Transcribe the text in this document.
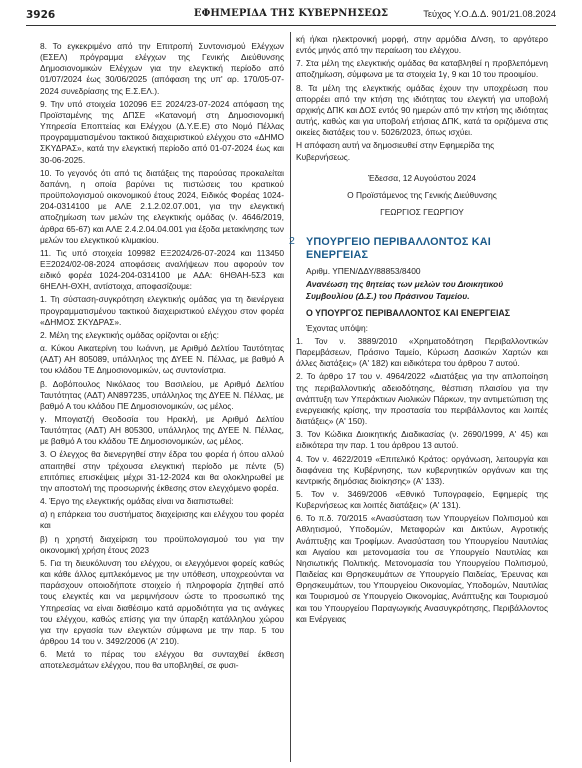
3926	ΕΦΗΜΕΡΙΔΑ ΤΗΣ ΚΥΒΕΡΝΗΣΕΩΣ	Τεύχος Υ.Ο.Δ.Δ. 901/21.08.2024

8. Το εγκεκριμένο από την Επιτροπή Συντονισμού Ελέγχων (ΕΣΕΛ) πρόγραμμα ελέγχων της Γενικής Διεύθυνσης Δημοσιονομικών Ελέγχων για την ελεγκτική περίοδο από 01/07/2024 έως 30/06/2025 (απόφαση της υπ' αρ. 170/05-07-2024 συνεδρίασης της Ε.Σ.ΕΛ.).

9. Την υπό στοιχεία 102096 ΕΞ 2024/23-07-2024 απόφαση της Προϊσταμένης της ΔΠΣΕ «Κατανομή στη Δημοσιονομική Υπηρεσία Εποπτείας και Ελέγχου (Δ.Υ.Ε.Ε) στο Νομό Πέλλας προγραμματισμένου τακτικού διαχειριστικού ελέγχου στο «ΔΗΜΟ ΣΚΥΔΡΑΣ», κατά την ελεγκτική περίοδο από 01-07-2024 έως και 30-06-2025.

10. Το γεγονός ότι από τις διατάξεις της παρούσας προκαλείται δαπάνη, η οποία βαρύνει τις πιστώσεις του κρατικού προϋπολογισμού οικονομικού έτους 2024, Ειδικός Φορέας 1024-204-0314100 με ΑΛΕ 2.1.2.02.07.001, για την ελεγκτική αποζημίωση των μελών της ελεγκτικής ομάδας (ν. 4646/2019, άρθρα 65-67) και ΑΛΕ 2.4.2.04.04.001 για έξοδα μετακίνησης των μελών του ελεγκτικού κλιμακίου.

11. Τις υπό στοιχεία 109982 ΕΞ2024/26-07-2024 και 113450 ΕΞ2024/02-08-2024 αποφάσεις αναλήψεων που αφορούν τον ειδικό φορέα 1024-204-0314100 με ΑΔΑ: 6ΗΘΑΗ-5Σ3 και 6ΗΕΛΗ-ΘΧΗ, αντίστοιχα, αποφασίζουμε:

1. Τη σύσταση-συγκρότηση ελεγκτικής ομάδας για τη διενέργεια προγραμματισμένου τακτικού διαχειριστικού ελέγχου στον φορέα «ΔΗΜΟΣ ΣΚΥΔΡΑΣ».

2. Μέλη της ελεγκτικής ομάδας ορίζονται οι εξής:

α. Κύκου Αικατερίνη του Ιωάννη, με Αριθμό Δελτίου Ταυτότητας (ΑΔΤ) ΑΗ 805089, υπάλληλος της ΔΥΕΕ Ν. Πέλλας, με βαθμό Α του κλάδου ΤΕ Δημοσιονομικών, ως συντονίστρια.

β. Δοβόπουλος Νικόλαος του Βασιλείου, με Αριθμό Δελτίου Ταυτότητας (ΑΔΤ) ΑΝ897235, υπάλληλος της ΔΥΕΕ Ν. Πέλλας, με βαθμό Α του κλάδου ΠΕ Δημοσιονομικών, ως μέλος.

γ. Μπογιατζή Θεοδοσία του Ηρακλή, με Αριθμό Δελτίου Ταυτότητας (ΑΔΤ) ΑΗ 805300, υπάλληλος της ΔΥΕΕ Ν. Πέλλας, με βαθμό Α του κλάδου ΤΕ Δημοσιονομικών, ως μέλος.

3. Ο έλεγχος θα διενεργηθεί στην έδρα του φορέα ή όπου αλλού απαιτηθεί στην τρέχουσα ελεγκτική περίοδο με πέντε (5) επιτόπιες επισκέψεις μέχρι 31-12-2024 και θα ολοκληρωθεί με την αποστολή της προσωρινής έκθεσης στον ελεγχόμενο φορέα.

4. Έργο της ελεγκτικής ομάδας είναι να διαπιστωθεί:

α) η επάρκεια του συστήματος διαχείρισης και ελέγχου του φορέα και

β) η χρηστή διαχείριση του προϋπολογισμού του για την οικονομική χρήση έτους 2023

5. Για τη διευκόλυνση του ελέγχου, οι ελεγχόμενοι φορείς καθώς και κάθε άλλος εμπλεκόμενος με την υπόθεση, υποχρεούνται να παράσχουν οποιοδήποτε στοιχείο ή πληροφορία ζητηθεί από τους ελεγκτές και να μεριμνήσουν ώστε το προσωπικό της Υπηρεσίας να είναι διαθέσιμο κατά αρμοδιότητα για τις ανάγκες του ελέγχου, καθώς επίσης για την ύπαρξη κατάλληλου χώρου για την εργασία των ελεγκτών σύμφωνα με την παρ. 5 του άρθρου 14 του ν. 3492/2006 (Α' 210).

6. Μετά το πέρας του ελέγχου θα συνταχθεί έκθεση αποτελεσμάτων ελέγχου, που θα υποβληθεί, σε φυσι-

κή ή/και ηλεκτρονική μορφή, στην αρμόδια Δ/νση, το αργότερο εντός μηνός από την περαίωση του ελέγχου.

7. Στα μέλη της ελεγκτικής ομάδας θα καταβληθεί η προβλεπόμενη αποζημίωση, σύμφωνα με τα στοιχεία 1γ, 9 και 10 του προοιμίου.

8. Τα μέλη της ελεγκτικής ομάδας έχουν την υποχρέωση που απορρέει από την κτήση της ιδιότητας του ελεγκτή για υποβολή αρχικής ΔΠΚ και ΔΟΣ εντός 90 ημερών από την κτήση της ιδιότητας αυτής, καθώς και για υποβολή ετήσιας ΔΠΚ, κατά τα οριζόμενα στις οικείες διατάξεις του ν. 5026/2023, όπως ισχύει.

Η απόφαση αυτή να δημοσιευθεί στην Εφημερίδα της Κυβερνήσεως.

Έδεσσα, 12 Αυγούστου 2024

Ο Προϊστάμενος της Γενικής Διεύθυνσης

ΓΕΩΡΓΙΟΣ ΓΕΩΡΓΙΟΥ

2 ΥΠΟΥΡΓΕΙΟ ΠΕΡΙΒΑΛΛΟΝΤΟΣ ΚΑΙ ΕΝΕΡΓΕΙΑΣ

Αριθμ. ΥΠΕΝ/ΔΔΥ/88853/8400

Ανανέωση της θητείας των μελών του Διοικητικού Συμβουλίου (Δ.Σ.) του Πράσινου Ταμείου.

Ο ΥΠΟΥΡΓΟΣ ΠΕΡΙΒΑΛΛΟΝΤΟΣ ΚΑΙ ΕΝΕΡΓΕΙΑΣ

Έχοντας υπόψη:

1. Τον ν. 3889/2010 «Χρηματοδότηση Περιβαλλοντικών Παρεμβάσεων, Πράσινο Ταμείο, Κύρωση Δασικών Χαρτών και άλλες διατάξεις» (Α' 182) και ειδικότερα του άρθρου 7 αυτού.

2. Το άρθρο 17 του ν. 4964/2022 «Διατάξεις για την απλοποίηση της περιβαλλοντικής αδειοδότησης, θέσπιση πλαισίου για την ανάπτυξη των Υπεράκτιων Αιολικών Πάρκων, την αντιμετώπιση της ενεργειακής κρίσης, την προστασία του περιβάλλοντος και λοιπές διατάξεις» (Α' 150).

3. Τον Κώδικα Διοικητικής Διαδικασίας (ν. 2690/1999, Α' 45) και ειδικότερα την παρ. 1 του άρθρου 13 αυτού.

4. Τον ν. 4622/2019 «Επιτελικό Κράτος: οργάνωση, λειτουργία και διαφάνεια της Κυβέρνησης, των κυβερνητικών οργάνων και της κεντρικής δημόσιας διοίκησης» (Α' 133).

5. Τον ν. 3469/2006 «Εθνικό Τυπογραφείο, Εφημερίς της Κυβερνήσεως και λοιπές διατάξεις» (Α' 131).

6. Το π.δ. 70/2015 «Ανασύσταση των Υπουργείων Πολιτισμού και Αθλητισμού, Υποδομών, Μεταφορών και Δικτύων, Αγροτικής Ανάπτυξης και Τροφίμων. Ανασύσταση του Υπουργείου Ναυτιλίας και Αιγαίου και μετονομασία του σε Υπουργείο Ναυτιλίας και Νησιωτικής Πολιτικής. Μετονομασία του Υπουργείου Πολιτισμού, Παιδείας και Θρησκευμάτων σε Υπουργείο Παιδείας, Έρευνας και Θρησκευμάτων, του Υπουργείου Οικονομίας, Υποδομών, Ναυτιλίας και Τουρισμού σε Υπουργείο Οικονομίας, Ανάπτυξης και Τουρισμού και του Υπουργείου Παραγωγικής Ανασυγκρότησης, Περιβάλλοντος και Ενέργειας
